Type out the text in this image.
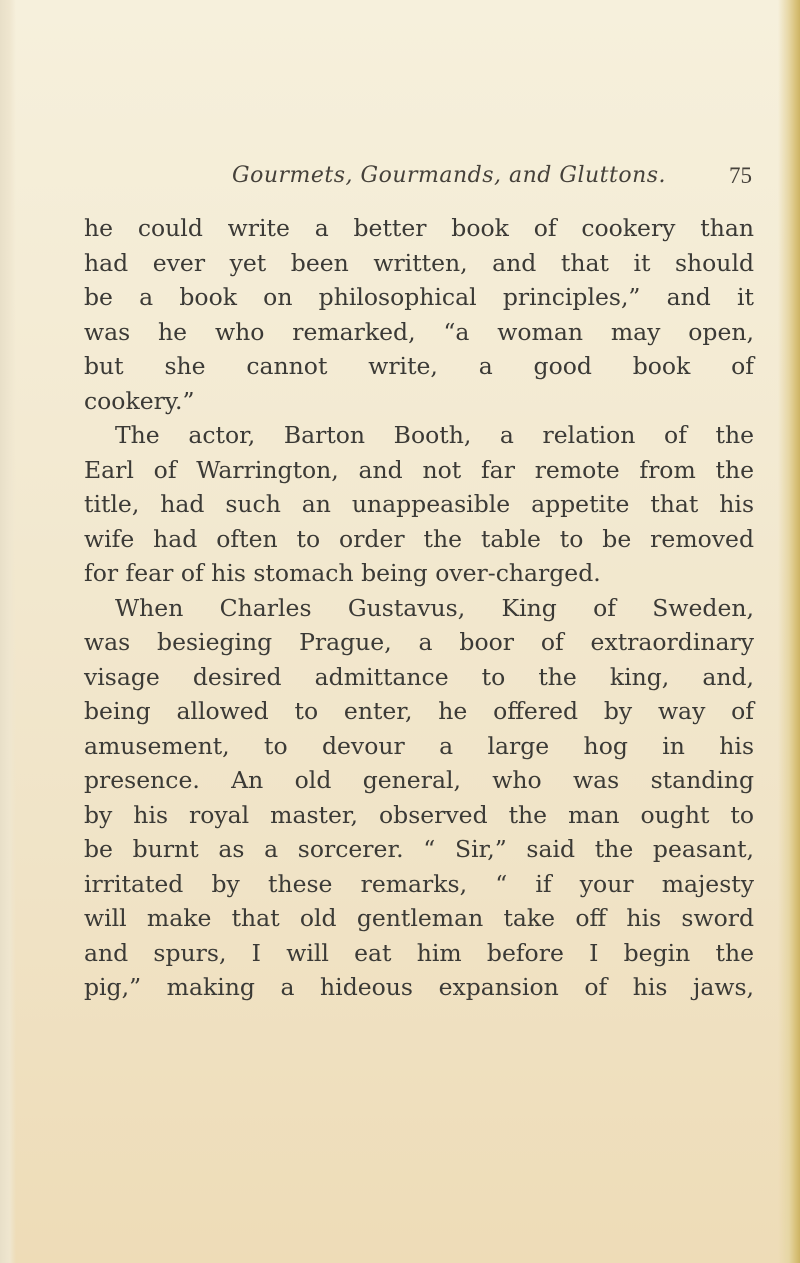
Gourmets, Gourmands, and Gluttons.	75
he could write a better book of cookery than
had ever yet been written, and that it should
be a book on philosophical principles,” and it
was he who remarked, “a woman may open,
but she cannot write, a good book of
cookery.”
The actor, Barton Booth, a relation of the
Earl of Warrington, and not far remote from the
title, had such an unappeasible appetite that his
wife had often to order the table to be removed
for fear of his stomach being over-charged.
When Charles Gustavus, King of Sweden,
was besieging Prague, a boor of extraordinary
visage desired admittance to the king, and,
being allowed to enter, he offered by way of
amusement, to devour a large hog in his
presence. An old general, who was standing
by his royal master, observed the man ought to
be burnt as a sorcerer. “ Sir,” said the peasant,
irritated by these remarks, “ if your majesty
will make that old gentleman take off his sword
and spurs, I will eat him before I begin the
pig,” making a hideous expansion of his jaws,
